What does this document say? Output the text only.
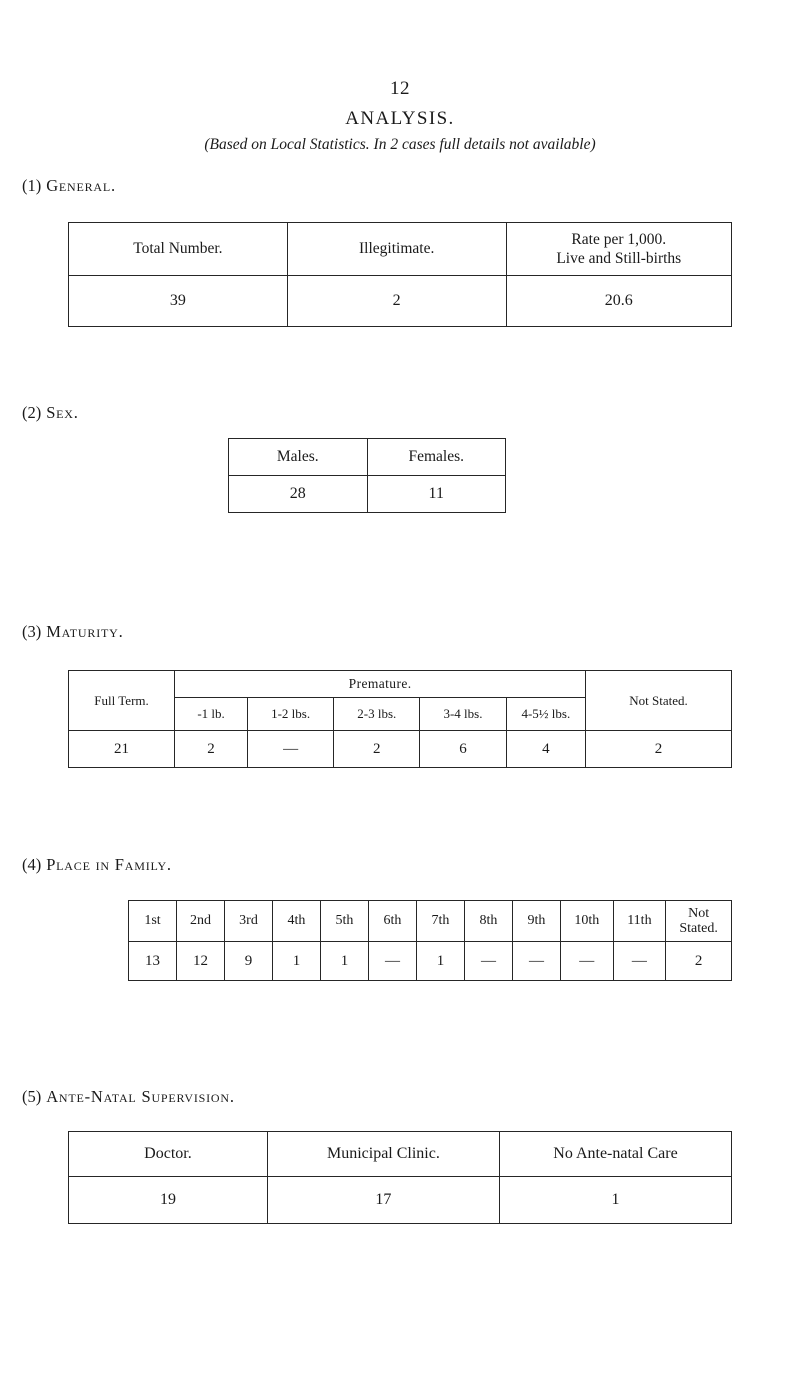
12
ANALYSIS.
(Based on Local Statistics. In 2 cases full details not available)
(1) General.
Total Number.	Illegitimate.	Rate per 1,000.
Live and Still-births

39	2	20.6
(2) Sex.
Males.	Females.
28	11
(3) Maturity.
Full Term.	Premature.					Not Stated.
	-1 lb.	1-2 lbs.	2-3 lbs.	3-4 lbs.	4-5½ lbs.	
21	2	—	2	6	4	2
(4) Place in Family.
1st	2nd	3rd	4th	5th	6th	7th	8th	9th	10th	11th	Not
Stated.

13	12	9	1	1	—	1	—	—	—	—	2
(5) Ante-Natal Supervision.
Doctor.	Municipal Clinic.	No Ante-natal Care
19	17	1
